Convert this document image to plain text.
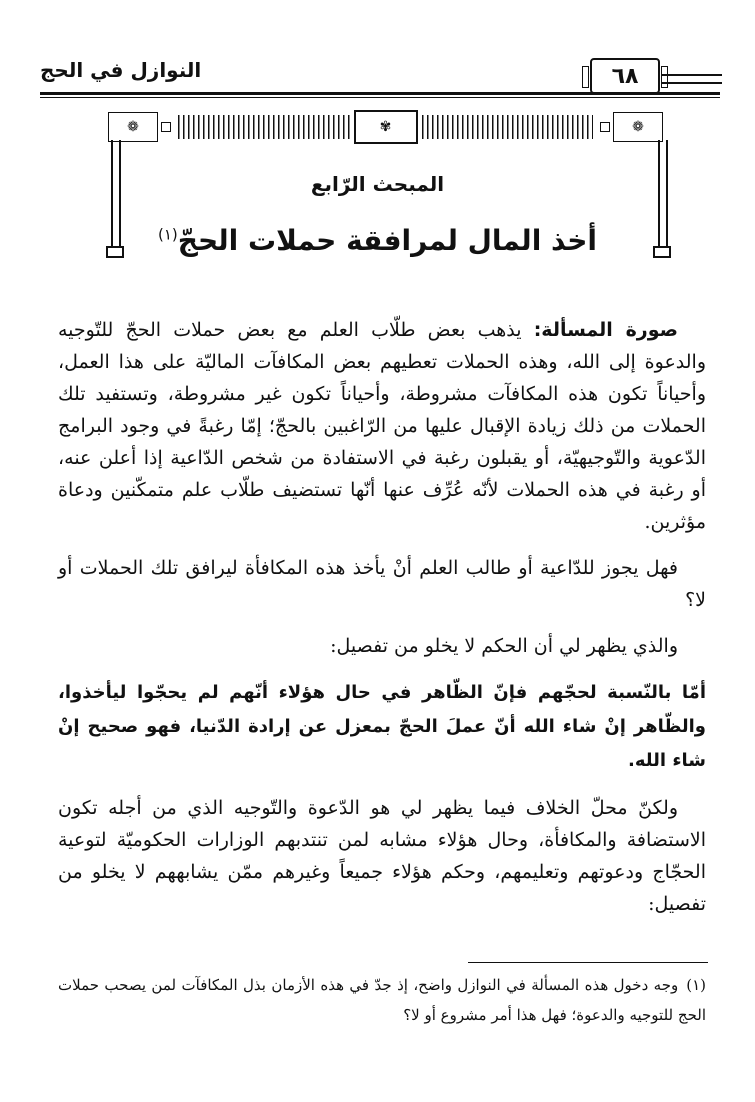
النوازل في الحج	٦٨
❁	✾	❁
المبحث الرّابع
أخذ المال لمرافقة حملات الحجّ$^{(١)}$

صورة المسألة: يذهب بعض طلّاب العلم مع بعض حملات الحجّ للتّوجيه والدعوة إلى الله، وهذه الحملات تعطيهم بعض المكافآت الماليّة على هذا العمل، وأحياناً تكون هذه المكافآت مشروطة، وأحياناً تكون غير مشروطة، وتستفيد تلك الحملات من ذلك زيادة الإقبال عليها من الرّاغبين بالحجّ؛ إمّا رغبةً في وجود البرامج الدّعوية والتّوجيهيّة، أو يقبلون رغبة في الاستفادة من شخص الدّاعية إذا أعلن عنه، أو رغبة في هذه الحملات لأنّه عُرِّف عنها أنّها تستضيف طلّاب علم متمكّنين ودعاة مؤثرين.

فهل يجوز للدّاعية أو طالب العلم أنْ يأخذ هذه المكافأة ليرافق تلك الحملات أو لا؟

والذي يظهر لي أن الحكم لا يخلو من تفصيل:

أمّا بالنّسبة لحجّهم فإنّ الظّاهر في حال هؤلاء أنّهم لم يحجّوا ليأخذوا، والظّاهر إنْ شاء الله أنّ عملَ الحجّ بمعزل عن إرادة الدّنيا، فهو صحيح إنْ شاء الله.

ولكنّ محلّ الخلاف فيما يظهر لي هو الدّعوة والتّوجيه الذي من أجله تكون الاستضافة والمكافأة، وحال هؤلاء مشابه لمن تنتدبهم الوزارات الحكوميّة لتوعية الحجّاج ودعوتهم وتعليمهم، وحكم هؤلاء جميعاً وغيرهم ممّن يشابههم لا يخلو من تفصيل:

(١)وجه دخول هذه المسألة في النوازل واضح، إذ جدّ في هذه الأزمان بذل المكافآت لمن يصحب حملات الحج للتوجيه والدعوة؛ فهل هذا أمر مشروع أو لا؟
